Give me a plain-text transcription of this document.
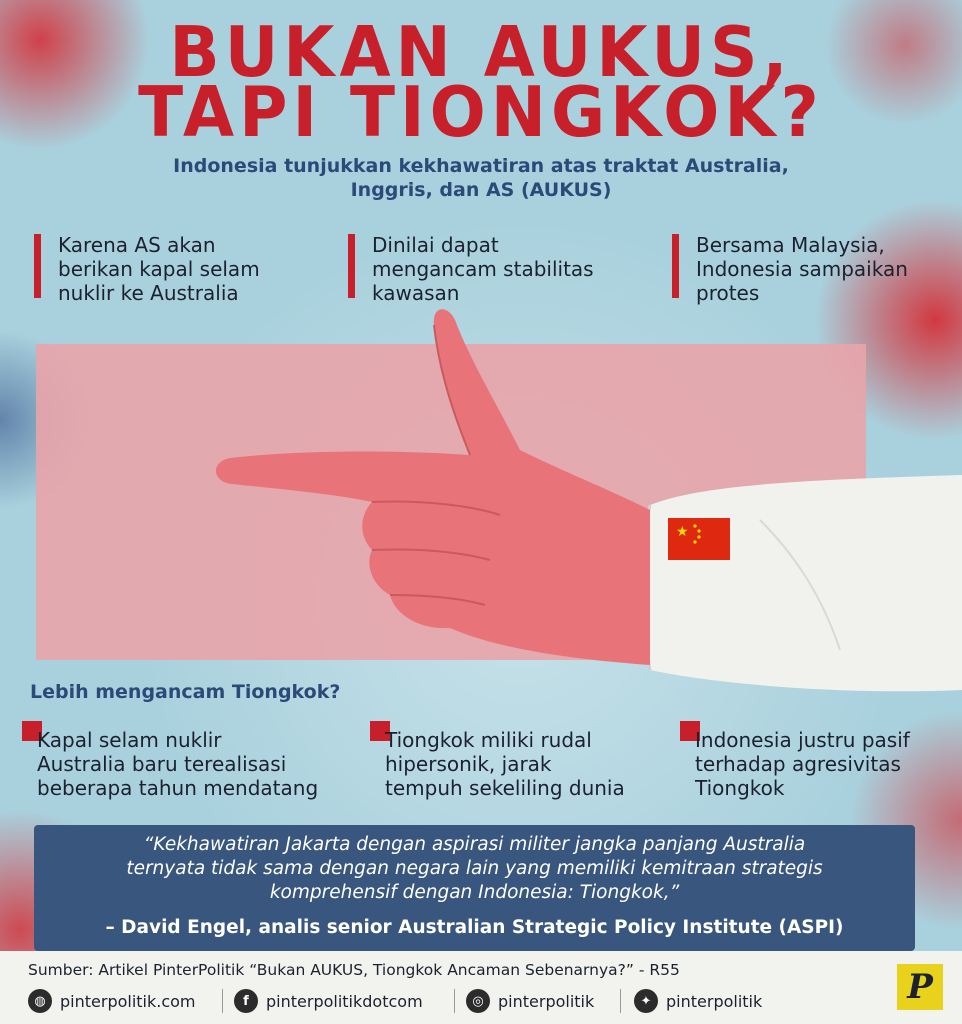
BUKAN AUKUS,
TAPI TIONGKOK?
Indonesia tunjukkan kekhawatiran atas traktat Australia,
Inggris, dan AS (AUKUS)
Karena AS akan
berikan kapal selam
nuklir ke Australia
Dinilai dapat
mengancam stabilitas
kawasan
Bersama Malaysia,
Indonesia sampaikan
protes
★
Lebih mengancam Tiongkok?
Kapal selam nuklir
Australia baru terealisasi
beberapa tahun mendatang
Tiongkok miliki rudal
hipersonik, jarak
tempuh sekeliling dunia
Indonesia justru pasif
terhadap agresivitas
Tiongkok
“Kekhawatiran Jakarta dengan aspirasi militer jangka panjang Australia
ternyata tidak sama dengan negara lain yang memiliki kemitraan strategis
komprehensif dengan Indonesia: Tiongkok,”
– David Engel, analis senior Australian Strategic Policy Institute (ASPI)
Sumber: Artikel PinterPolitik “Bukan AUKUS, Tiongkok Ancaman Sebenarnya?” - R55
◍ pinterpolitik.com	f	pinterpolitikdotcom	◎ pinterpolitik	✦ pinterpolitik	P
